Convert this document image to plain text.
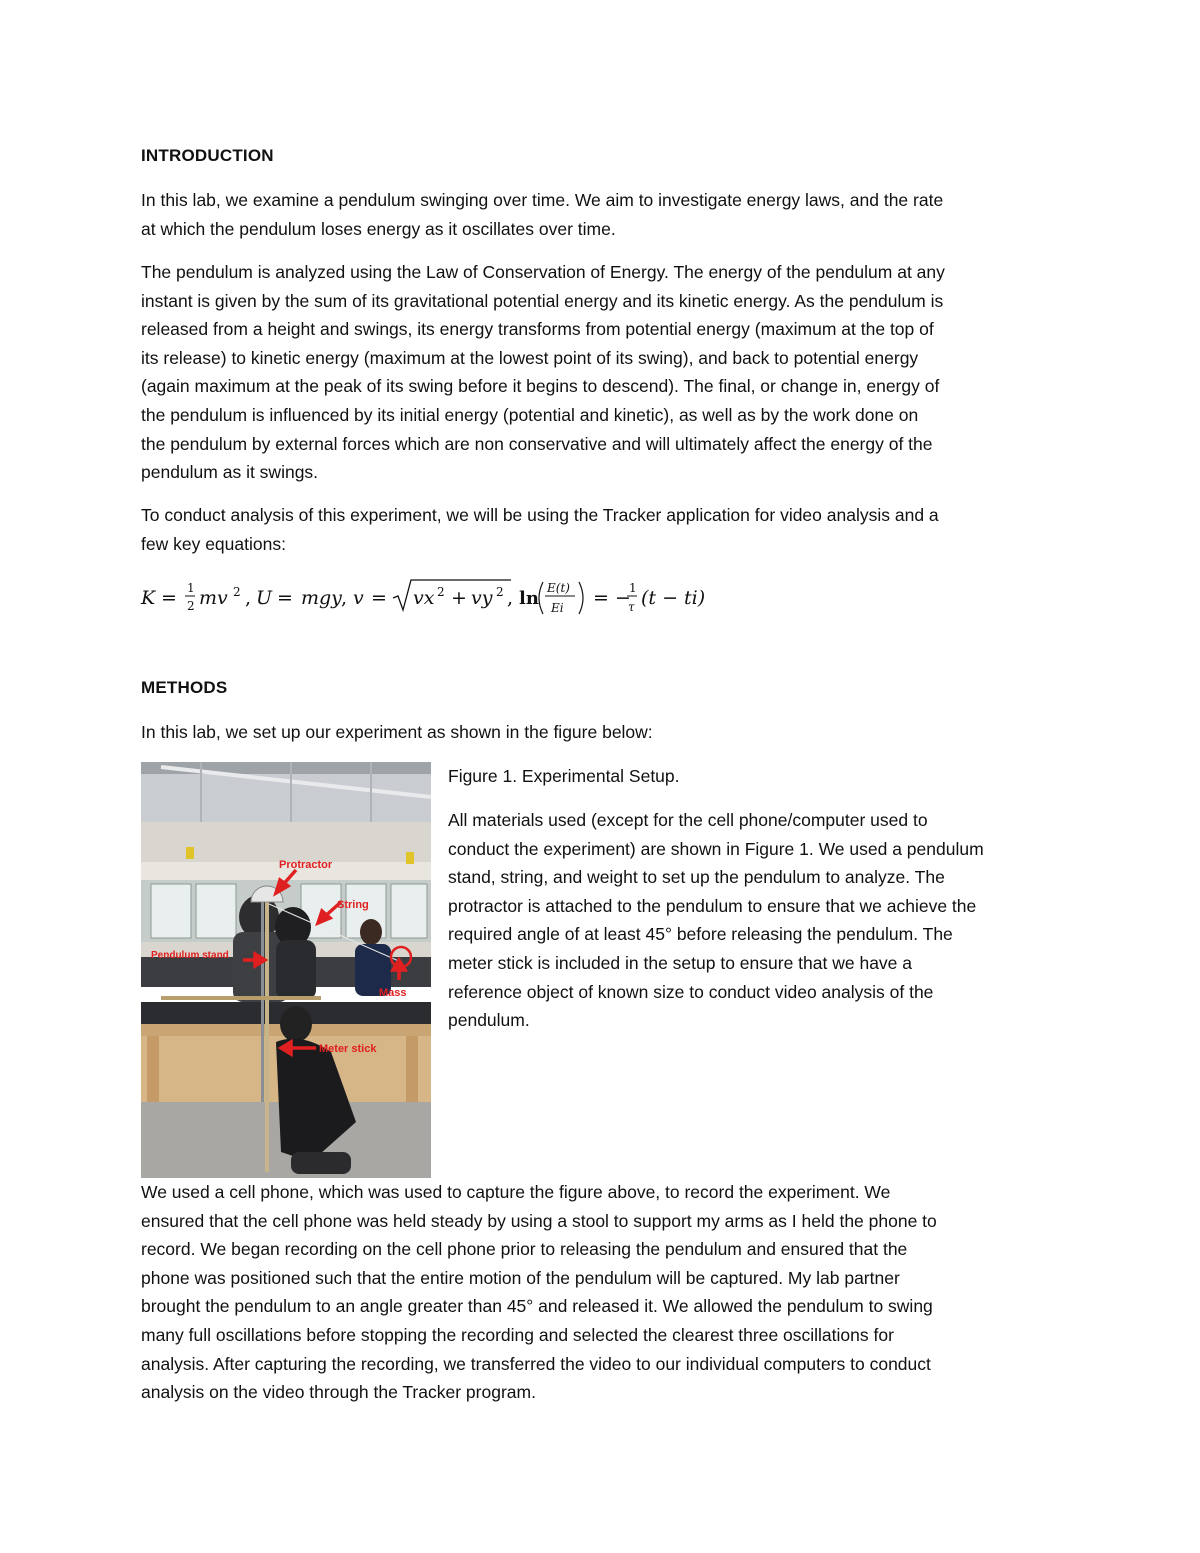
INTRODUCTION
In this lab, we examine a pendulum swinging over time. We aim to investigate energy laws, and the rate
at which the pendulum loses energy as it oscillates over time.
The pendulum is analyzed using the Law of Conservation of Energy. The energy of the pendulum at any
instant is given by the sum of its gravitational potential energy and its kinetic energy. As the pendulum is
released from a height and swings, its energy transforms from potential energy (maximum at the top of
its release) to kinetic energy (maximum at the lowest point of its swing), and back to potential energy
(again maximum at the peak of its swing before it begins to descend). The final, or change in, energy of
the pendulum is influenced by its initial energy (potential and kinetic), as well as by the work done on
the pendulum by external forces which are non conservative and will ultimately affect the energy of the
pendulum as it swings.
To conduct analysis of this experiment, we will be using the Tracker application for video analysis and a
few key equations:
K = 1
2 mv 2 , U = mgy , v = vx 2 + vy 2 , ln E(t)
Ei = −
1
τ (t − ti)
METHODS
In this lab, we set up our experiment as shown in the figure below:
Protractor
String
Pendulum stand
Mass
Meter stick
Figure 1. Experimental Setup.
All materials used (except for the cell phone/computer used to
conduct the experiment) are shown in Figure 1. We used a pendulum
stand, string, and weight to set up the pendulum to analyze. The
protractor is attached to the pendulum to ensure that we achieve the
required angle of at least 45° before releasing the pendulum. The
meter stick is included in the setup to ensure that we have a
reference object of known size to conduct video analysis of the
pendulum.
We used a cell phone, which was used to capture the figure above, to record the experiment. We
ensured that the cell phone was held steady by using a stool to support my arms as I held the phone to
record. We began recording on the cell phone prior to releasing the pendulum and ensured that the
phone was positioned such that the entire motion of the pendulum will be captured. My lab partner
brought the pendulum to an angle greater than 45° and released it. We allowed the pendulum to swing
many full oscillations before stopping the recording and selected the clearest three oscillations for
analysis. After capturing the recording, we transferred the video to our individual computers to conduct
analysis on the video through the Tracker program.
